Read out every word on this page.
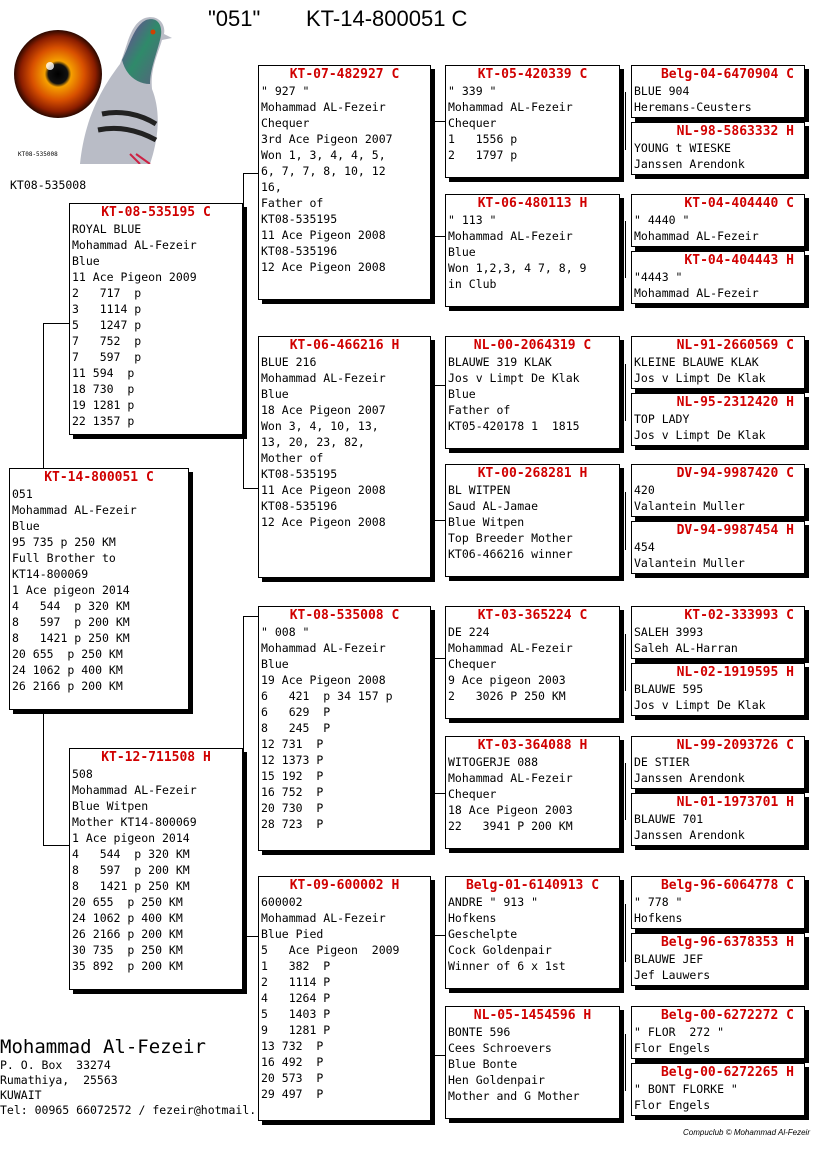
"051" KT-14-800051 C
KT08-535008
KT08-535008
KT-14-800051 C
051
Mohammad AL-Fezeir
Blue
95 735 p 250 KM
Full Brother to
KT14-800069
1 Ace pigeon 2014
4   544  p 320 KM
8   597  p 200 KM
8   1421 p 250 KM
20 655  p 250 KM
24 1062 p 400 KM
26 2166 p 200 KM
KT-08-535195 C
ROYAL BLUE
Mohammad AL-Fezeir
Blue
11 Ace Pigeon 2009
2   717  p
3   1114 p
5   1247 p
7   752  p
7   597  p
11 594  p
18 730  p
19 1281 p
22 1357 p
KT-12-711508 H
508
Mohammad AL-Fezeir
Blue Witpen
Mother KT14-800069
1 Ace pigeon 2014
4   544  p 320 KM
8   597  p 200 KM
8   1421 p 250 KM
20 655  p 250 KM
24 1062 p 400 KM
26 2166 p 200 KM
30 735  p 250 KM
35 892  p 200 KM
KT-07-482927 C
" 927 "
Mohammad AL-Fezeir
Chequer
3rd Ace Pigeon 2007
Won 1, 3, 4, 4, 5,
6, 7, 7, 8, 10, 12
16,
Father of
KT08-535195
11 Ace Pigeon 2008
KT08-535196
12 Ace Pigeon 2008
KT-06-466216 H
BLUE 216
Mohammad AL-Fezeir
Blue
18 Ace Pigeon 2007
Won 3, 4, 10, 13,
13, 20, 23, 82,
Mother of
KT08-535195
11 Ace Pigeon 2008
KT08-535196
12 Ace Pigeon 2008
KT-08-535008 C
" 008 "
Mohammad AL-Fezeir
Blue
19 Ace Pigeon 2008
6   421  p 34 157 p
6   629  P
8   245  P
12 731  P
12 1373 P
15 192  P
16 752  P
20 730  P
28 723  P
KT-09-600002 H
600002
Mohammad AL-Fezeir
Blue Pied
5   Ace Pigeon  2009
1   382  P
2   1114 P
4   1264 P
5   1403 P
9   1281 P
13 732  P
16 492  P
20 573  P
29 497  P
KT-05-420339 C
" 339 "
Mohammad AL-Fezeir
Chequer
1   1556 p
2   1797 p
KT-06-480113 H
" 113 "
Mohammad AL-Fezeir
Blue
Won 1,2,3, 4 7, 8, 9
in Club
NL-00-2064319 C
BLAUWE 319 KLAK
Jos v Limpt De Klak
Blue
Father of
KT05-420178 1  1815
KT-00-268281 H
BL WITPEN
Saud AL-Jamae
Blue Witpen
Top Breeder Mother
KT06-466216 winner
KT-03-365224 C
DE 224
Mohammad AL-Fezeir
Chequer
9 Ace pigeon 2003
2   3026 P 250 KM
KT-03-364088 H
WITOGERJE 088
Mohammad AL-Fezeir
Chequer
18 Ace Pigeon 2003
22   3941 P 200 KM
Belg-01-6140913 C
ANDRE " 913 "
Hofkens
Geschelpte
Cock Goldenpair
Winner of 6 x 1st
NL-05-1454596 H
BONTE 596
Cees Schroevers
Blue Bonte
Hen Goldenpair
Mother and G Mother
Belg-04-6470904 C
BLUE 904
Heremans-Ceusters
NL-98-5863332 H
YOUNG t WIESKE
Janssen Arendonk
KT-04-404440 C
" 4440 "
Mohammad AL-Fezeir
KT-04-404443 H
"4443 "
Mohammad AL-Fezeir
NL-91-2660569 C
KLEINE BLAUWE KLAK
Jos v Limpt De Klak
NL-95-2312420 H
TOP LADY
Jos v Limpt De Klak
DV-94-9987420 C
420
Valantein Muller
DV-94-9987454 H
454
Valantein Muller
KT-02-333993 C
SALEH 3993
Saleh AL-Harran
NL-02-1919595 H
BLAUWE 595
Jos v Limpt De Klak
NL-99-2093726 C
DE STIER
Janssen Arendonk
NL-01-1973701 H
BLAUWE 701
Janssen Arendonk
Belg-96-6064778 C
" 778 "
Hofkens
Belg-96-6378353 H
BLAUWE JEF
Jef Lauwers
Belg-00-6272272 C
" FLOR  272 "
Flor Engels
Belg-00-6272265 H
" BONT FLORKE "
Flor Engels
Mohammad Al-Fezeir
P. O. Box  33274
Rumathiya,  25563
KUWAIT
Tel: 00965 66072572 / fezeir@hotmail.
Compuclub © Mohammad Al-Fezeir
